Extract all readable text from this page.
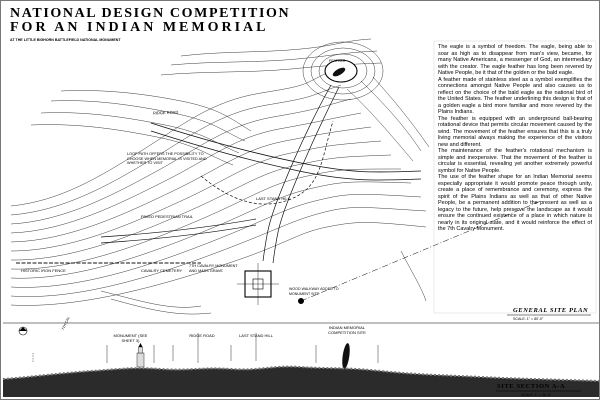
NATIONAL DESIGN COMPETITION
FOR AN INDIAN MEMORIAL
AT THE LITTLE BIGHORN BATTLEFIELD NATIONAL MONUMENT
FEATHER
RIDGE ROAD
LOOP PATH OFFERS THE POSSIBILITY TO CHOOSE WHEN MEMORIAL IS VISITED AND WHETHER TO VISIT
PAVED PEDESTRIAN TRAIL
LAST STAND HILL
7TH CAVALRY MONUMENT AND MASS GRAVE
CAVALRY CEMETERY
HISTORIC IRON FENCE
WOOD WALKWAY ADDED TO MONUMENT SITE

The eagle is a symbol of freedom. The eagle, being able to soar as high as to disappear from man's view, became, for many Native Americans, a messenger of God, an intermediary with the creator. The eagle feather has long been revered by Native People, be it that of the golden or the bald eagle.

A feather made of stainless steel as a symbol exemplifies the connections amongst Native People and also causes us to reflect on the choice of the bald eagle as the national bird of the United States. The feather underlining this design is that of a golden eagle a bird more familiar and more revered by the Plains Indians.

The feather is equipped with an underground ball-bearing rotational device that permits circular movement caused by the wind. The movement of the feather ensures that this is a truly living memorial always making the experience of the visitors new and different.

The maintenance of the feather's rotational mechanism is simple and inexpensive. That the movement of the feather is circular is essential, revealing yet another extremely powerful symbol for Native People.

The use of the feather shape for an Indian Memorial seems especially appropriate it would promote peace through unity, create a place of remembrance and ceremony, express the spirit of the Plains Indians as well as that of other Native People, be a permanent addition to the present as well as a legacy to the future, help preserve the landscape as it would ensure the continued existence of a place in which nature is nearly in its original state, and it would reinforce the effect of the 7th Cavalry Monument.

GENERAL SITE PLAN
SCALE: 1" = 80'-0"
7TH CAV.
MONUMENT (SEE SHEET 3)
RIDGE ROAD	LAST STAND HILL
INDIAN MEMORIAL COMPETITION SITE
SITE SECTION A-A
SCALE: 1" = 40'-0"
